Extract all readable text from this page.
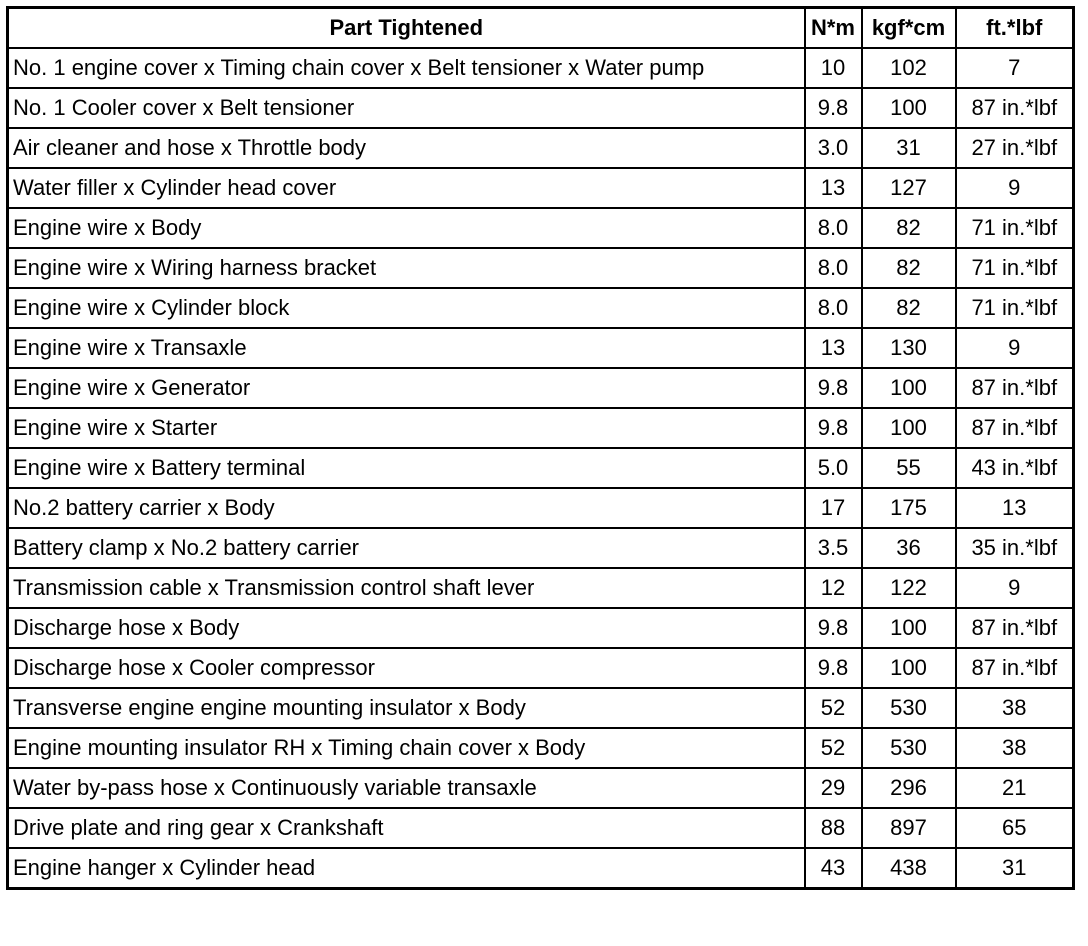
Part Tightened	N*m	kgf*cm	ft.*lbf
No. 1 engine cover x Timing chain cover x Belt tensioner x Water pump	10	102	7
No. 1 Cooler cover x Belt tensioner	9.8	100	87 in.*lbf
Air cleaner and hose x Throttle body	3.0	31	27 in.*lbf
Water filler x Cylinder head cover	13	127	9
Engine wire x Body	8.0	82	71 in.*lbf
Engine wire x Wiring harness bracket	8.0	82	71 in.*lbf
Engine wire x Cylinder block	8.0	82	71 in.*lbf
Engine wire x Transaxle	13	130	9
Engine wire x Generator	9.8	100	87 in.*lbf
Engine wire x Starter	9.8	100	87 in.*lbf
Engine wire x Battery terminal	5.0	55	43 in.*lbf
No.2 battery carrier x Body	17	175	13
Battery clamp x No.2 battery carrier	3.5	36	35 in.*lbf
Transmission cable x Transmission control shaft lever	12	122	9
Discharge hose x Body	9.8	100	87 in.*lbf
Discharge hose x Cooler compressor	9.8	100	87 in.*lbf
Transverse engine engine mounting insulator x Body	52	530	38
Engine mounting insulator RH x Timing chain cover x Body	52	530	38
Water by-pass hose x Continuously variable transaxle	29	296	21
Drive plate and ring gear x Crankshaft	88	897	65
Engine hanger x Cylinder head	43	438	31
